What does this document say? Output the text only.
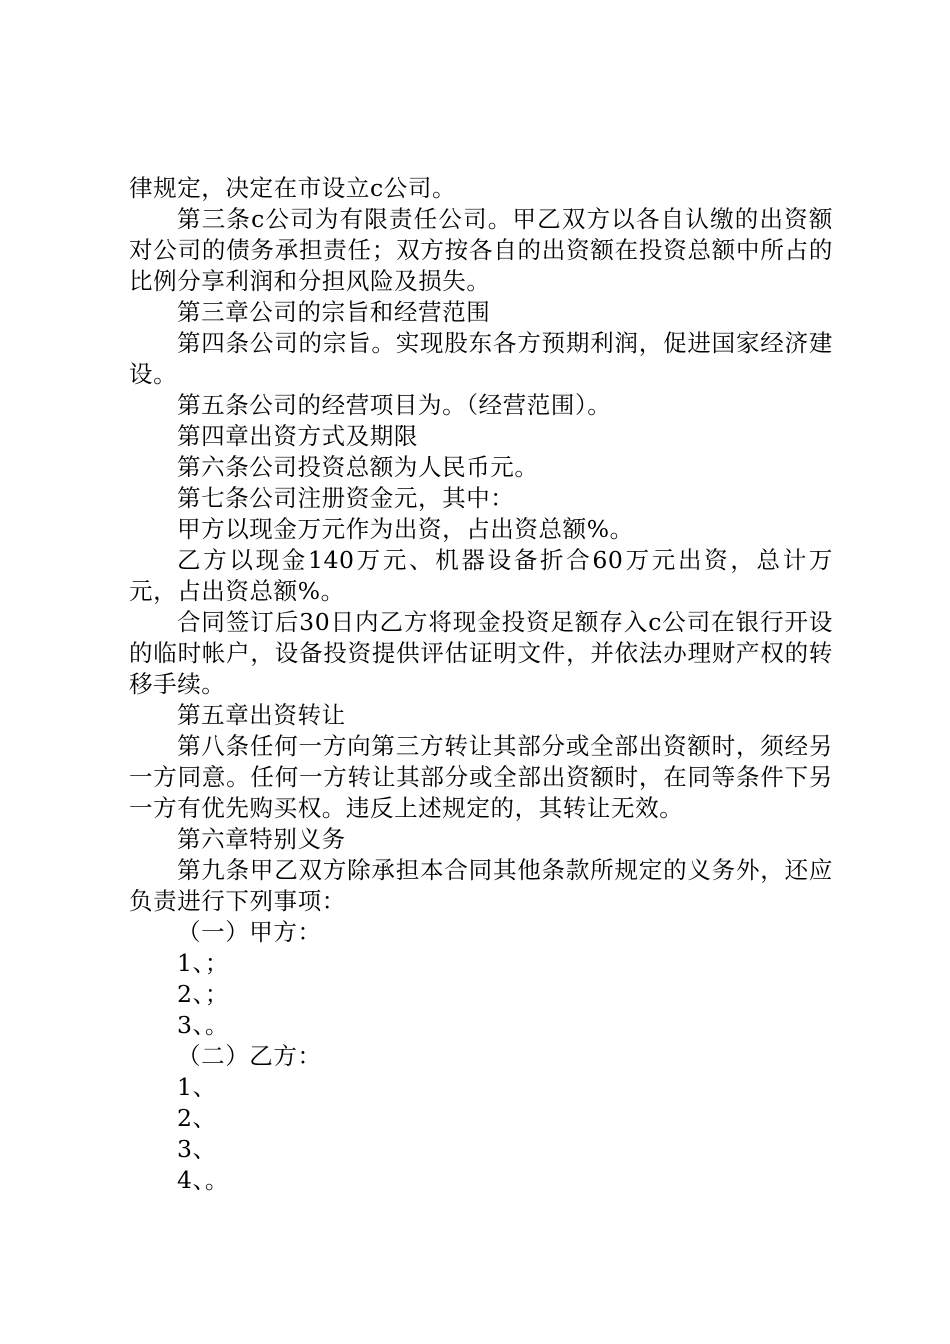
律规定，决定在市设立c公司。

第三条c公司为有限责任公司。甲乙双方以各自认缴的出资额对公司的债务承担责任；双方按各自的出资额在投资总额中所占的比例分享利润和分担风险及损失。

第三章公司的宗旨和经营范围

第四条公司的宗旨。实现股东各方预期利润，促进国家经济建设。

第五条公司的经营项目为。（经营范围）。

第四章出资方式及期限

第六条公司投资总额为人民币元。

第七条公司注册资金元，其中：

甲方以现金万元作为出资，占出资总额%。

乙方以现金140万元、机器设备折合60万元出资，总计万元，占出资总额%。

合同签订后30日内乙方将现金投资足额存入c公司在银行开设的临时帐户，设备投资提供评估证明文件，并依法办理财产权的转移手续。

第五章出资转让

第八条任何一方向第三方转让其部分或全部出资额时，须经另一方同意。任何一方转让其部分或全部出资额时，在同等条件下另一方有优先购买权。违反上述规定的，其转让无效。

第六章特别义务

第九条甲乙双方除承担本合同其他条款所规定的义务外，还应负责进行下列事项：

（一）甲方：

1、；

2、；

3、。

（二）乙方：

1、

2、

3、

4、。
